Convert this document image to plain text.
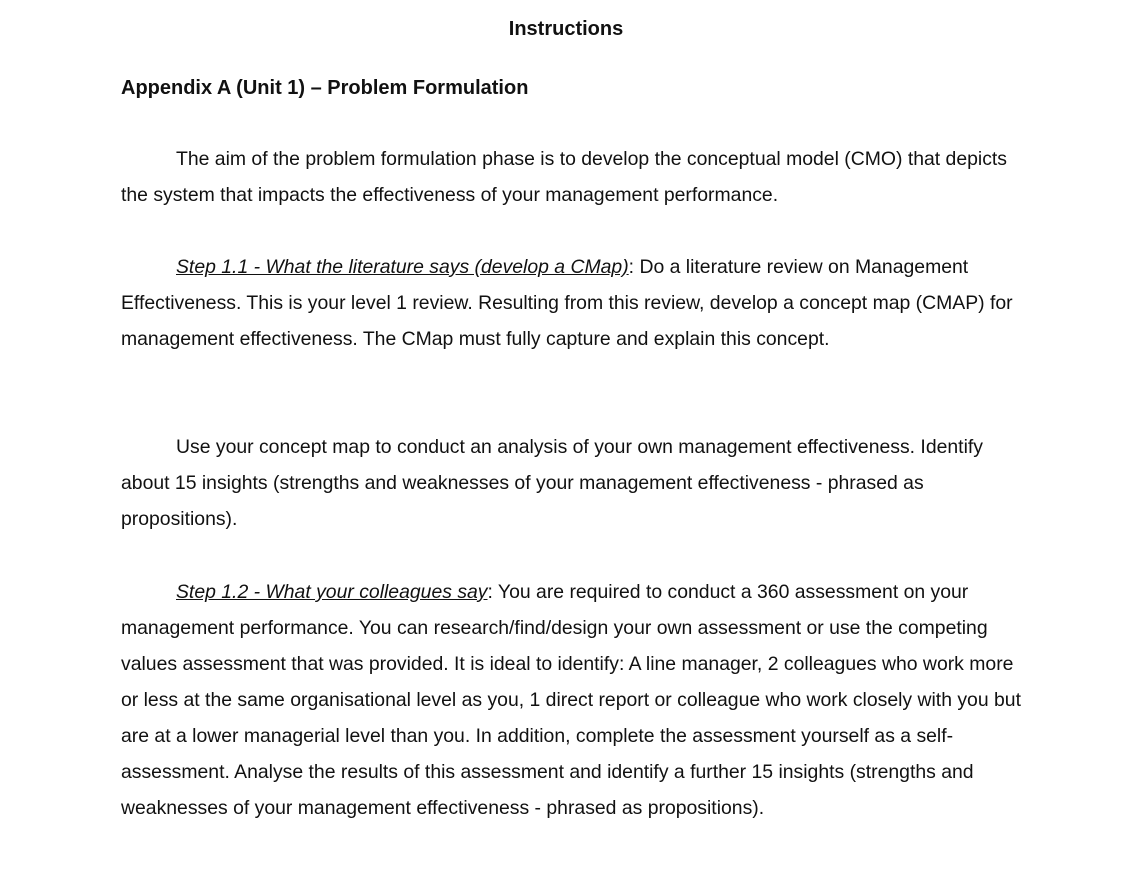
Instructions
Appendix A (Unit 1) – Problem Formulation

The aim of the problem formulation phase is to develop the conceptual model (CMO) that depicts the system that impacts the effectiveness of your management performance.

Step 1.1 - What the literature says (develop a CMap): Do a literature review on Management Effectiveness. This is your level 1 review. Resulting from this review, develop a concept map (CMAP) for management effectiveness. The CMap must fully capture and explain this concept.

Use your concept map to conduct an analysis of your own management effectiveness. Identify about 15 insights (strengths and weaknesses of your management effectiveness - phrased as propositions).

Step 1.2 - What your colleagues say: You are required to conduct a 360 assessment on your management performance. You can research/find/design your own assessment or use the competing values assessment that was provided. It is ideal to identify: A line manager, 2 colleagues who work more or less at the same organisational level as you, 1 direct report or colleague who work closely with you but are at a lower managerial level than you. In addition, complete the assessment yourself as a self-assessment. Analyse the results of this assessment and identify a further 15 insights (strengths and weaknesses of your management effectiveness - phrased as propositions).
